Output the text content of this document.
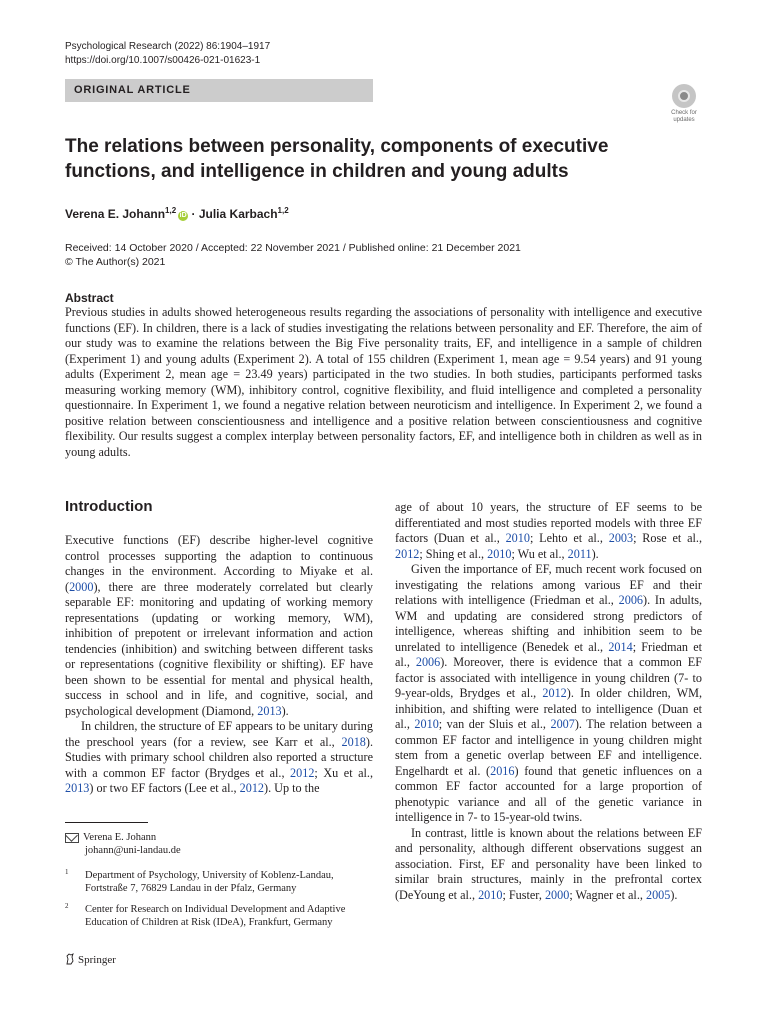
Psychological Research (2022) 86:1904–1917
https://doi.org/10.1007/s00426-021-01623-1
ORIGINAL ARTICLE
Check for updates
The relations between personality, components of executive functions, and intelligence in children and young adults
Verena E. Johann$^{1,2}$iD · Julia Karbach$^{1,2}$
Received: 14 October 2020 / Accepted: 22 November 2021 / Published online: 21 December 2021
© The Author(s) 2021
Abstract
Previous studies in adults showed heterogeneous results regarding the associations of personality with intelligence and executive functions (EF). In children, there is a lack of studies investigating the relations between personality and EF. Therefore, the aim of our study was to examine the relations between the Big Five personality traits, EF, and intelligence in a sample of children (Experiment 1) and young adults (Experiment 2). A total of 155 children (Experiment 1, mean age = 9.54 years) and 91 young adults (Experiment 2, mean age = 23.49 years) participated in the two studies. In both studies, participants performed tasks measuring working memory (WM), inhibitory control, cognitive flexibility, and fluid intelligence and completed a personality questionnaire. In Experiment 1, we found a negative relation between neuroticism and intelligence. In Experiment 2, we found a positive relation between conscientiousness and intelligence and a positive relation between conscientiousness and cognitive flexibility. Our results suggest a complex interplay between personality factors, EF, and intelligence both in children as well as in young adults.
Introduction

Executive functions (EF) describe higher-level cognitive control processes supporting the adaption to continuous changes in the environment. According to Miyake et al. (2000), there are three moderately correlated but clearly separable EF: monitoring and updating of working memory representations (updating or working memory, WM), inhibition of prepotent or irrelevant information and action tendencies (inhibition) and switching between different tasks or representations (cognitive flexibility or shifting). EF have been shown to be essential for mental and physical health, success in school and in life, and cognitive, social, and psychological development (Diamond, 2013).

In children, the structure of EF appears to be unitary during the preschool years (for a review, see Karr et al., 2018). Studies with primary school children also reported a structure with a common EF factor (Brydges et al., 2012; Xu et al., 2013) or two EF factors (Lee et al., 2012). Up to the

age of about 10 years, the structure of EF seems to be differentiated and most studies reported models with three EF factors (Duan et al., 2010; Lehto et al., 2003; Rose et al., 2012; Shing et al., 2010; Wu et al., 2011).

Given the importance of EF, much recent work focused on investigating the relations among various EF and their relations with intelligence (Friedman et al., 2006). In adults, WM and updating are considered strong predictors of intelligence, whereas shifting and inhibition seem to be unrelated to intelligence (Benedek et al., 2014; Friedman et al., 2006). Moreover, there is evidence that a common EF factor is associated with intelligence in young children (7- to 9-year-olds, Brydges et al., 2012). In older children, WM, inhibition, and shifting were related to intelligence (Duan et al., 2010; van der Sluis et al., 2007). The relation between a common EF factor and intelligence in young children might stem from a genetic overlap between EF and intelligence. Engelhardt et al. (2016) found that genetic influences on a common EF factor accounted for a large proportion of phenotypic variance and all of the genetic variance in intelligence in 7- to 15-year-old twins.

In contrast, little is known about the relations between EF and personality, although different observations suggest an association. First, EF and personality have been linked to similar brain structures, mainly in the prefrontal cortex (DeYoung et al., 2010; Fuster, 2000; Wagner et al., 2005).

Verena E. Johann
johann@uni-landau.de
1 Department of Psychology, University of Koblenz-Landau,
Fortstraße 7, 76829 Landau in der Pfalz, Germany
2 Center for Research on Individual Development and Adaptive
Education of Children at Risk (IDeA), Frankfurt, Germany
Springer
